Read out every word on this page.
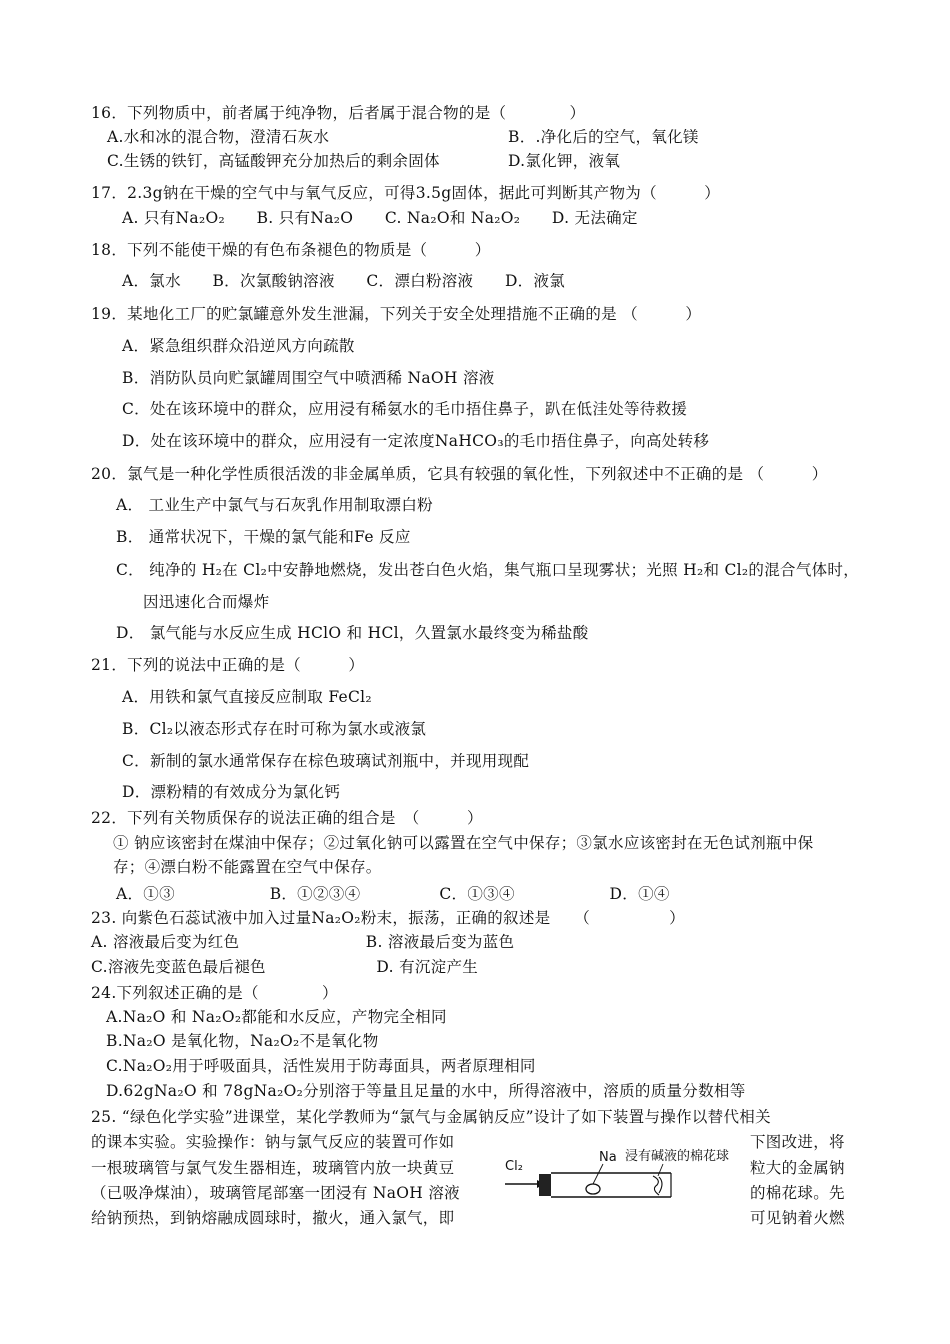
16．下列物质中，前者属于纯净物，后者属于混合物的是（　　　　）
A.水和冰的混合物，澄清石灰水	B．.净化后的空气，氧化镁
C.生锈的铁钉，高锰酸钾充分加热后的剩余固体	D.氯化钾，液氧
17．2.3g钠在干燥的空气中与氧气反应，可得3.5g固体，据此可判断其产物为（　　　）
A. 只有Na₂O₂　　B. 只有Na₂O　　C. Na₂O和 Na₂O₂　　D. 无法确定
18．下列不能使干燥的有色布条褪色的物质是（　　　）
A．氯水　　B．次氯酸钠溶液　　C．漂白粉溶液　　D．液氯
19．某地化工厂的贮氯罐意外发生泄漏，下列关于安全处理措施不正确的是 （　　　）
A．紧急组织群众沿逆风方向疏散
B．消防队员向贮氯罐周围空气中喷洒稀 NaOH 溶液
C．处在该环境中的群众，应用浸有稀氨水的毛巾捂住鼻子，趴在低洼处等待救援
D．处在该环境中的群众，应用浸有一定浓度NaHCO₃的毛巾捂住鼻子，向高处转移
20．氯气是一种化学性质很活泼的非金属单质，它具有较强的氧化性，下列叙述中不正确的是 （　　　）
A． 工业生产中氯气与石灰乳作用制取漂白粉
B． 通常状况下，干燥的氯气能和Fe 反应
C． 纯净的 H₂在 Cl₂中安静地燃烧，发出苍白色火焰，集气瓶口呈现雾状；光照 H₂和 Cl₂的混合气体时，
因迅速化合而爆炸
D． 氯气能与水反应生成 HClO 和 HCl，久置氯水最终变为稀盐酸
21．下列的说法中正确的是（　　　）
A．用铁和氯气直接反应制取 FeCl₂
B．Cl₂以液态形式存在时可称为氯水或液氯
C．新制的氯水通常保存在棕色玻璃试剂瓶中，并现用现配
D．漂粉精的有效成分为氯化钙
22．下列有关物质保存的说法正确的组合是　（　　　）
① 钠应该密封在煤油中保存；②过氧化钠可以露置在空气中保存；③氯水应该密封在无色试剂瓶中保
存；④漂白粉不能露置在空气中保存。
A．①③　　　　　　B．①②③④　　　　　C．①③④　　　　　　D．①④
23. 向紫色石蕊试液中加入过量Na₂O₂粉末，振荡，正确的叙述是　　（　　　　　）
A. 溶液最后变为红色　　　　　　　　B. 溶液最后变为蓝色
C.溶液先变蓝色最后褪色　　　　　　　D. 有沉淀产生
24.下列叙述正确的是（　　　　）
A.Na₂O 和 Na₂O₂都能和水反应，产物完全相同
B.Na₂O 是氧化物，Na₂O₂不是氧化物
C.Na₂O₂用于呼吸面具，活性炭用于防毒面具，两者原理相同
D.62gNa₂O 和 78gNa₂O₂分别溶于等量且足量的水中，所得溶液中，溶质的质量分数相等
25. “绿色化学实验”进课堂，某化学教师为“氯气与金属钠反应”设计了如下装置与操作以替代相关
的课本实验。实验操作：钠与氯气反应的装置可作如
一根玻璃管与氯气发生器相连，玻璃管内放一块黄豆
（已吸净煤油），玻璃管尾部塞一团浸有 NaOH 溶液
给钠预热，到钠熔融成圆球时，撤火，通入氯气，即
下图改进，将
粒大的金属钠
的棉花球。先
可见钠着火燃
Cl₂
Na 浸有碱液的棉花球
